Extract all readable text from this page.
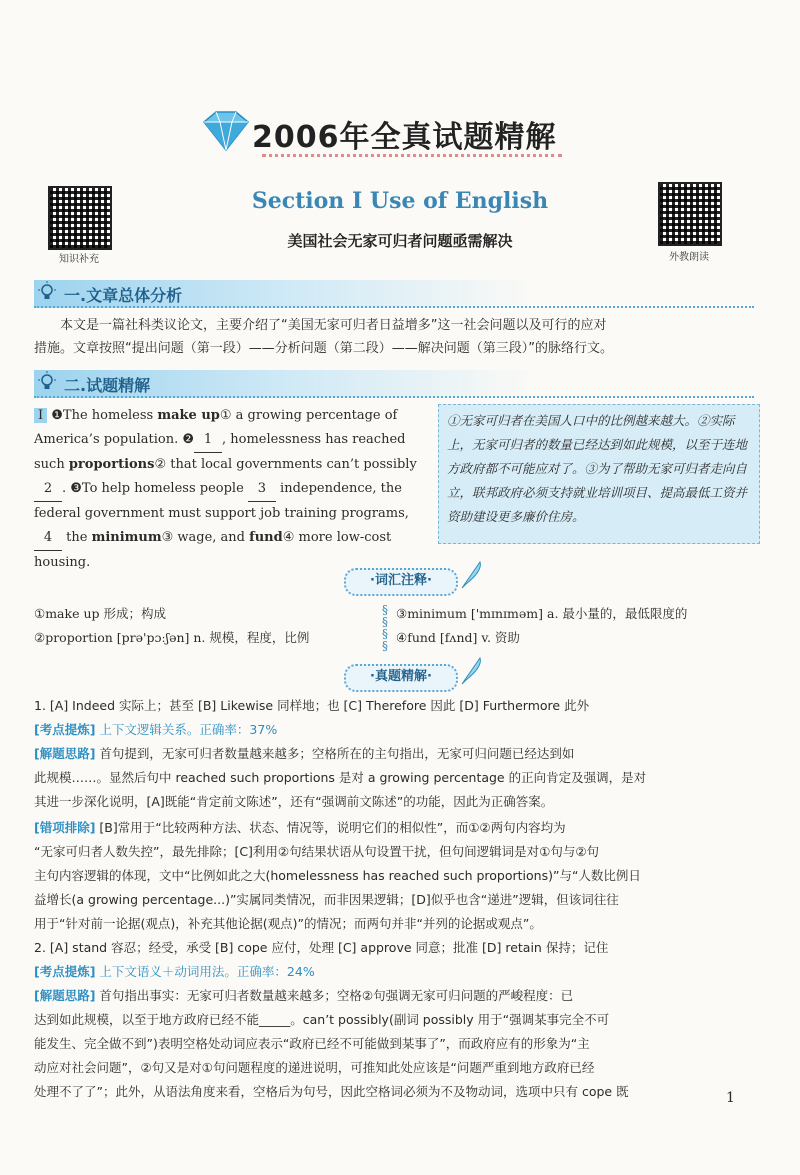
2006年全真试题精解
知识补充	外教朗读
Section Ⅰ Use of English
美国社会无家可归者问题亟需解决
一.文章总体分析
本文是一篇社科类议论文，主要介绍了“美国无家可归者日益增多”这一社会问题以及可行的应对
措施。文章按照“提出问题（第一段）——分析问题（第二段）——解决问题（第三段）”的脉络行文。
二.试题精解
Ⅰ ❶The homeless make up① a growing percentage of America’s population. ❷ 1 , homelessness has reached such proportions② that local governments can’t possibly 2 . ❸To help homeless people 3 independence, the federal government must support job training programs, 4 the minimum③ wage, and fund④ more low-cost housing.
①无家可归者在美国人口中的比例越来越大。②实际上，无家可归者的数量已经达到如此规模，以至于连地方政府都不可能应对了。③为了帮助无家可归者走向自立，联邦政府必须支持就业培训项目、提高最低工资并资助建设更多廉价住房。
·词汇注释·
①make up 形成；构成
②proportion [prə'pɔːʃən] n. 规模，程度，比例
③minimum ['mɪnɪməm] a. 最小量的，最低限度的
④fund [fʌnd] v. 资助
§
§
§
§
·真题精解·
1. [A] Indeed 实际上；甚至 [B] Likewise 同样地；也 [C] Therefore 因此 [D] Furthermore 此外
[考点提炼] 上下文逻辑关系。正确率：37%
[解题思路] 首句提到，无家可归者数量越来越多；空格所在的主句指出，无家可归问题已经达到如
此规模……。显然后句中 reached such proportions 是对 a growing percentage 的正向肯定及强调，是对
其进一步深化说明，[A]既能“肯定前文陈述”，还有“强调前文陈述”的功能，因此为正确答案。
[错项排除] [B]常用于“比较两种方法、状态、情况等，说明它们的相似性”，而①②两句内容均为
“无家可归者人数失控”，最先排除；[C]利用②句结果状语从句设置干扰，但句间逻辑词是对①句与②句
主句内容逻辑的体现，文中“比例如此之大(homelessness has reached such proportions)”与“人数比例日
益增长(a growing percentage...)”实属同类情况，而非因果逻辑；[D]似乎也含“递进”逻辑，但该词往往
用于“针对前一论据(观点)，补充其他论据(观点)”的情况；而两句并非“并列的论据或观点”。
2. [A] stand 容忍；经受，承受 [B] cope 应付，处理 [C] approve 同意；批准 [D] retain 保持；记住
[考点提炼] 上下文语义＋动词用法。正确率：24%
[解题思路] 首句指出事实：无家可归者数量越来越多；空格②句强调无家可归问题的严峻程度：已
达到如此规模，以至于地方政府已经不能_____。can’t possibly(副词 possibly 用于“强调某事完全不可
能发生、完全做不到”)表明空格处动词应表示“政府已经不可能做到某事了”，而政府应有的形象为“主
动应对社会问题”，②句又是对①句问题程度的递进说明，可推知此处应该是“问题严重到地方政府已经
处理不了了”；此外，从语法角度来看，空格后为句号，因此空格词必须为不及物动词，选项中只有 cope 既	1
